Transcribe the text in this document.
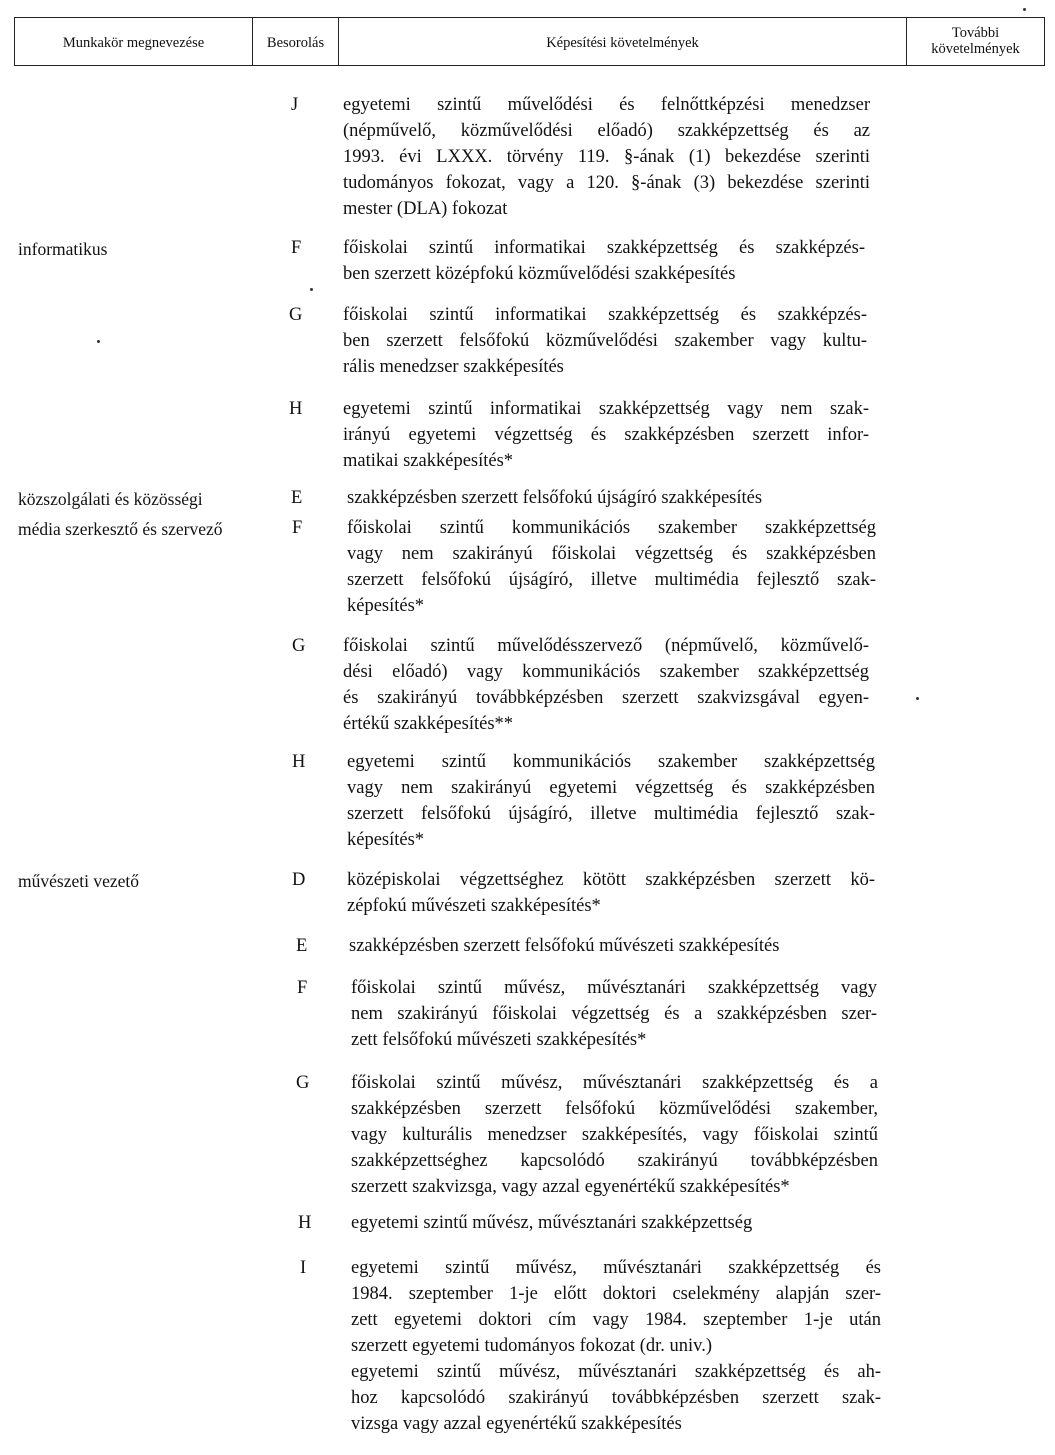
Munkakör megnevezése	Besorolás	Képesítési követelmények
További
követelmények
J egyetemi szintű művelődési és felnőttképzési menedzser
(népművelő, közművelődési előadó) szakképzettség és az
1993. évi LXXX. törvény 119. §-ának (1) bekezdése szerinti
tudományos fokozat, vagy a 120. §-ának (3) bekezdése szerinti
mester (DLA) fokozat
informatikus	F főiskolai szintű informatikai szakképzettség és szakképzés-
ben szerzett középfokú közművelődési szakképesítés
G főiskolai szintű informatikai szakképzettség és szakképzés-
ben szerzett felsőfokú közművelődési szakember vagy kultu-
rális menedzser szakképesítés
H egyetemi szintű informatikai szakképzettség vagy nem szak-
irányú egyetemi végzettség és szakképzésben szerzett infor-
matikai szakképesítés*
közszolgálati és közösségi	E szakképzésben szerzett felsőfokú újságíró szakképesítés
média szerkesztő és szervező	F főiskolai szintű kommunikációs szakember szakképzettség
vagy nem szakirányú főiskolai végzettség és szakképzésben
szerzett felsőfokú újságíró, illetve multimédia fejlesztő szak-
képesítés*
G főiskolai szintű művelődésszervező (népművelő, közművelő-
dési előadó) vagy kommunikációs szakember szakképzettség
és szakirányú továbbképzésben szerzett szakvizsgával egyen-
értékű szakképesítés**
H egyetemi szintű kommunikációs szakember szakképzettség
vagy nem szakirányú egyetemi végzettség és szakképzésben
szerzett felsőfokú újságíró, illetve multimédia fejlesztő szak-
képesítés*
művészeti vezető	D középiskolai végzettséghez kötött szakképzésben szerzett kö-
zépfokú művészeti szakképesítés*
E szakképzésben szerzett felsőfokú művészeti szakképesítés
F főiskolai szintű művész, művésztanári szakképzettség vagy
nem szakirányú főiskolai végzettség és a szakképzésben szer-
zett felsőfokú művészeti szakképesítés*
G főiskolai szintű művész, művésztanári szakképzettség és a
szakképzésben szerzett felsőfokú közművelődési szakember,
vagy kulturális menedzser szakképesítés, vagy főiskolai szintű
szakképzettséghez kapcsolódó szakirányú továbbképzésben
szerzett szakvizsga, vagy azzal egyenértékű szakképesítés*
H egyetemi szintű művész, művésztanári szakképzettség
I egyetemi szintű művész, művésztanári szakképzettség és
1984. szeptember 1-je előtt doktori cselekmény alapján szer-
zett egyetemi doktori cím vagy 1984. szeptember 1-je után
szerzett egyetemi tudományos fokozat (dr. univ.)
egyetemi szintű művész, művésztanári szakképzettség és ah-
hoz kapcsolódó szakirányú továbbképzésben szerzett szak-
vizsga vagy azzal egyenértékű szakképesítés
